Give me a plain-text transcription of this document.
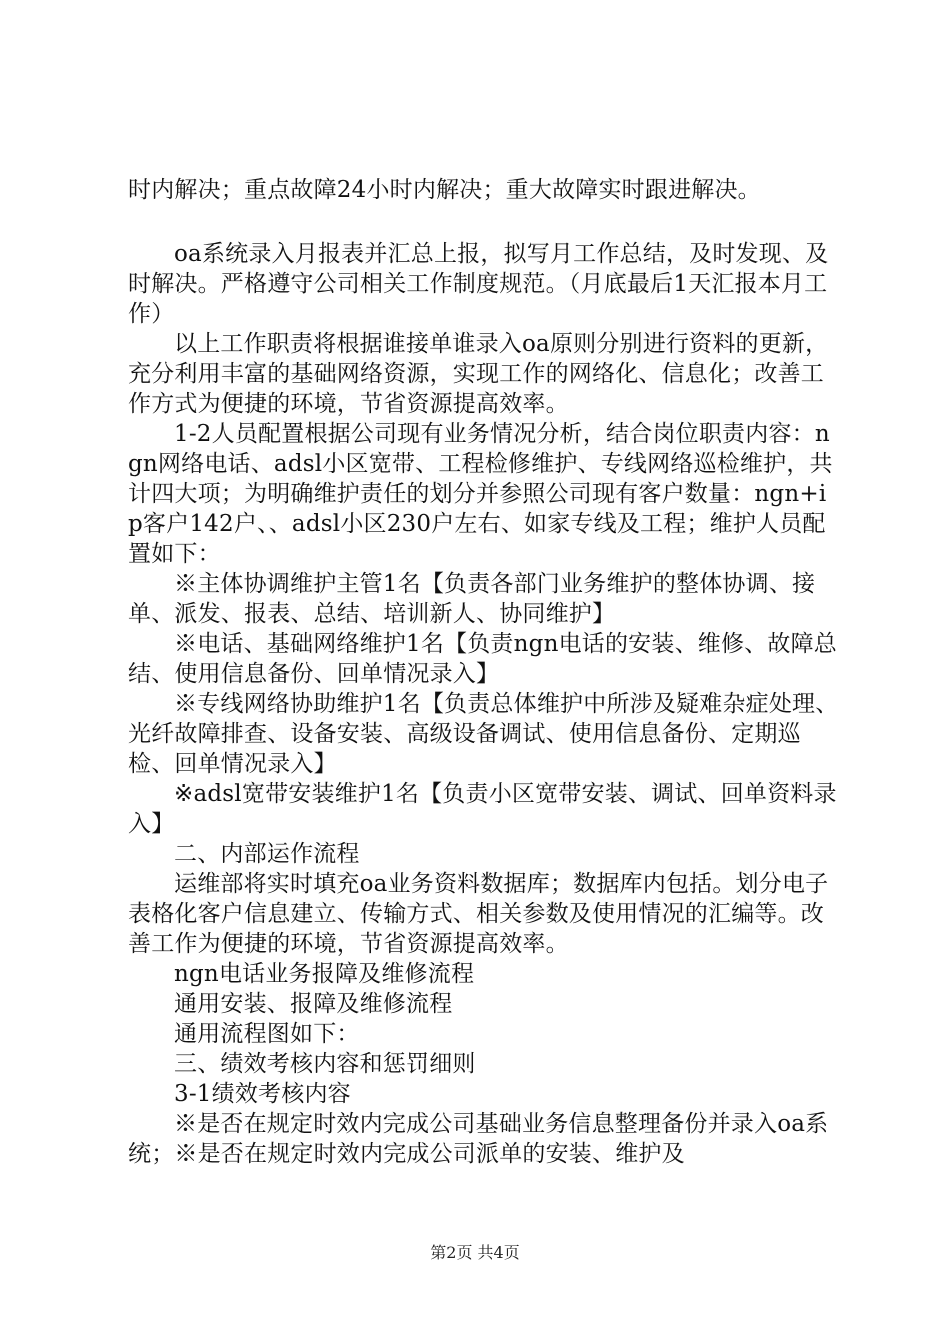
时内解决；重点故障24小时内解决；重大故障实时跟进解决。

oa系统录入月报表并汇总上报，拟写月工作总结，及时发现、及时解决。严格遵守公司相关工作制度规范。（月底最后1天汇报本月工作）

以上工作职责将根据谁接单谁录入oa原则分别进行资料的更新，充分利用丰富的基础网络资源，实现工作的网络化、信息化；改善工作方式为便捷的环境，节省资源提高效率。

1-2人员配置根据公司现有业务情况分析，结合岗位职责内容：ngn网络电话、adsl小区宽带、工程检修维护、专线网络巡检维护，共计四大项；为明确维护责任的划分并参照公司现有客户数量：ngn+ip客户142户、、adsl小区230户左右、如家专线及工程；维护人员配置如下：

※主体协调维护主管1名【负责各部门业务维护的整体协调、接单、派发、报表、总结、培训新人、协同维护】

※电话、基础网络维护1名【负责ngn电话的安装、维修、故障总结、使用信息备份、回单情况录入】

※专线网络协助维护1名【负责总体维护中所涉及疑难杂症处理、光纤故障排查、设备安装、高级设备调试、使用信息备份、定期巡检、回单情况录入】

※adsl宽带安装维护1名【负责小区宽带安装、调试、回单资料录入】

二、内部运作流程

运维部将实时填充oa业务资料数据库；数据库内包括。划分电子表格化客户信息建立、传输方式、相关参数及使用情况的汇编等。改善工作为便捷的环境，节省资源提高效率。

ngn电话业务报障及维修流程

通用安装、报障及维修流程

通用流程图如下：

三、绩效考核内容和惩罚细则

3-1绩效考核内容

※是否在规定时效内完成公司基础业务信息整理备份并录入oa系统；※是否在规定时效内完成公司派单的安装、维护及

第2页 共4页
